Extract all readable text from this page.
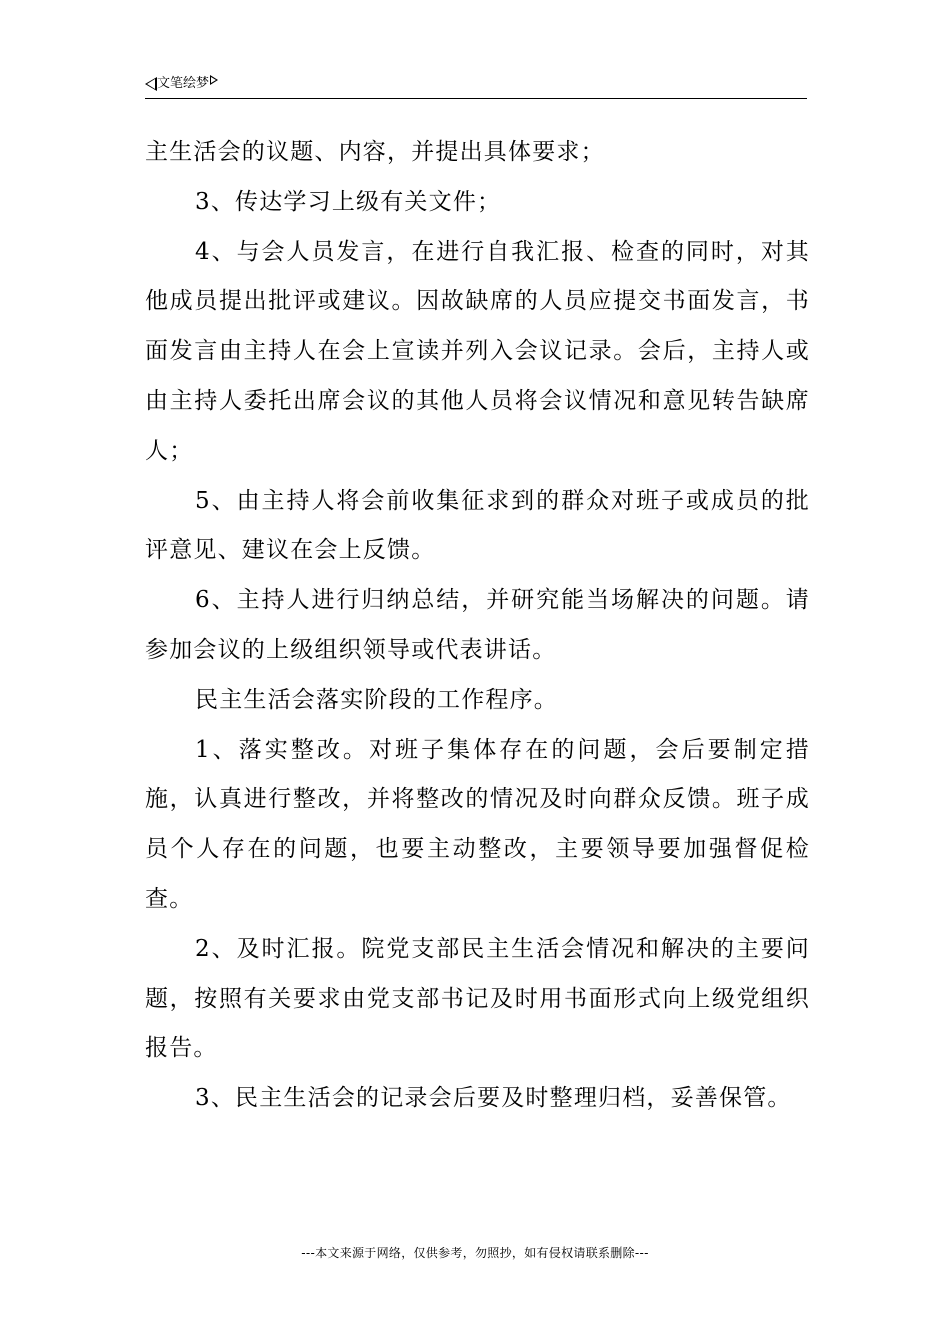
文笔绘梦

主生活会的议题、内容，并提出具体要求；

3、传达学习上级有关文件；

4、与会人员发言，在进行自我汇报、检查的同时，对其他成员提出批评或建议。因故缺席的人员应提交书面发言，书面发言由主持人在会上宣读并列入会议记录。会后，主持人或由主持人委托出席会议的其他人员将会议情况和意见转告缺席人；

5、由主持人将会前收集征求到的群众对班子或成员的批评意见、建议在会上反馈。

6、主持人进行归纳总结，并研究能当场解决的问题。请参加会议的上级组织领导或代表讲话。

民主生活会落实阶段的工作程序。

1、落实整改。对班子集体存在的问题，会后要制定措施，认真进行整改，并将整改的情况及时向群众反馈。班子成员个人存在的问题，也要主动整改，主要领导要加强督促检查。

2、及时汇报。院党支部民主生活会情况和解决的主要问题，按照有关要求由党支部书记及时用书面形式向上级党组织报告。

3、民主生活会的记录会后要及时整理归档，妥善保管。

---本文来源于网络，仅供参考，勿照抄，如有侵权请联系删除---
